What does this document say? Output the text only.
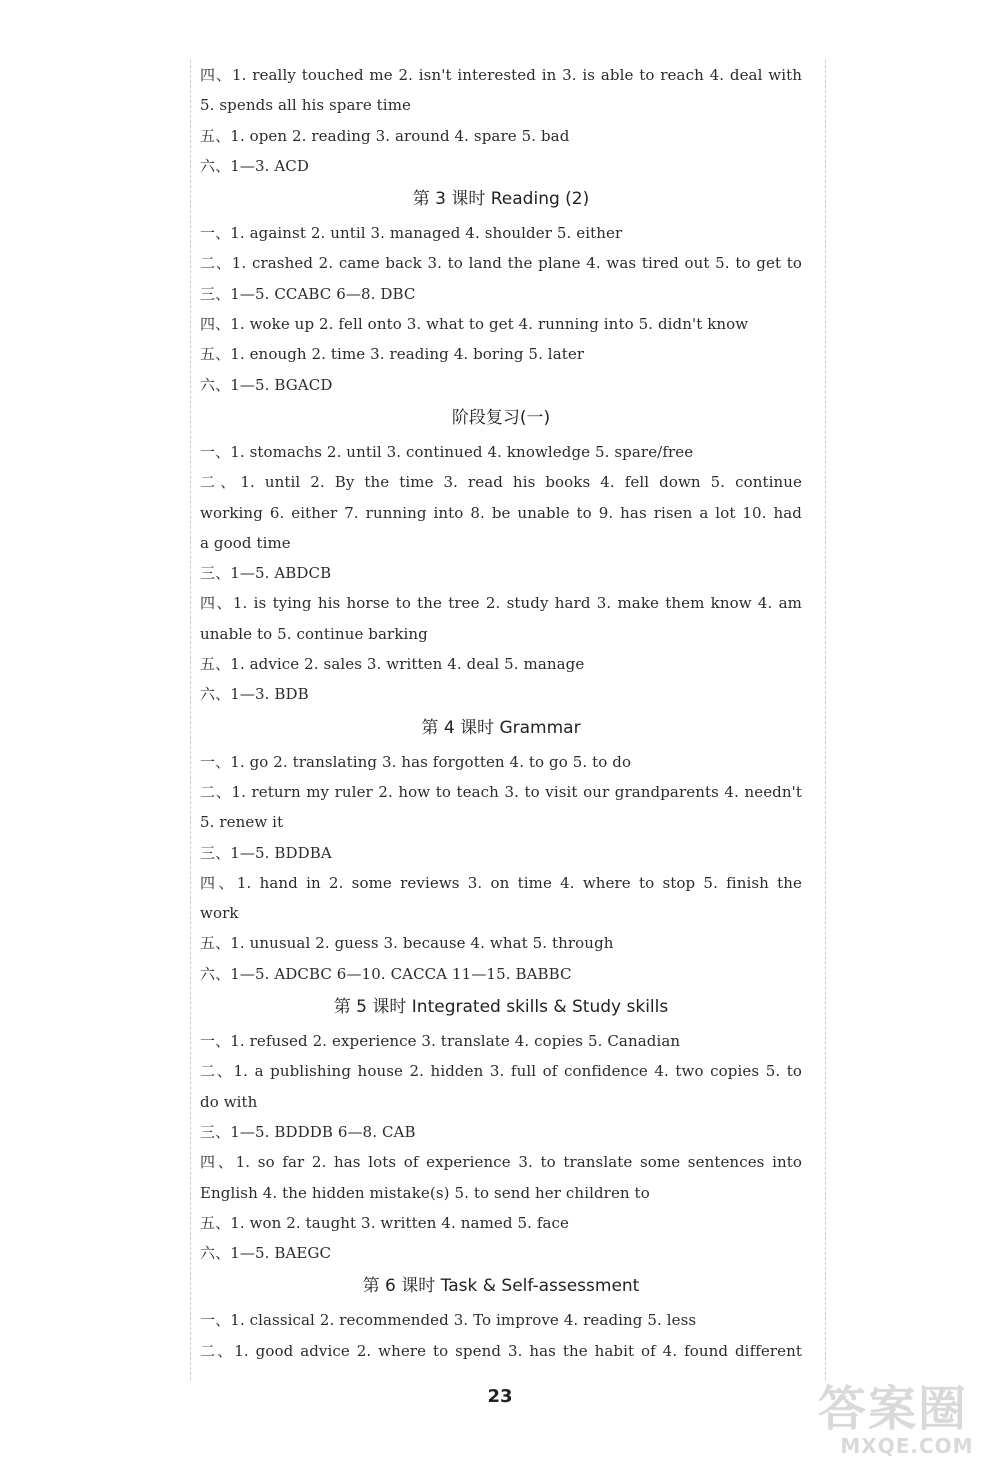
四、1. really touched me 2. isn't interested in 3. is able to reach 4. deal with
5. spends all his spare time
五、1. open 2. reading 3. around 4. spare 5. bad
六、1—3. ACD
第 3 课时 Reading (2)
一、1. against 2. until 3. managed 4. shoulder 5. either
二、1. crashed 2. came back 3. to land the plane 4. was tired out 5. to get to
三、1—5. CCABC 6—8. DBC
四、1. woke up 2. fell onto 3. what to get 4. running into 5. didn't know
五、1. enough 2. time 3. reading 4. boring 5. later
六、1—5. BGACD
阶段复习(一)
一、1. stomachs 2. until 3. continued 4. knowledge 5. spare/free
二、1. until 2. By the time 3. read his books 4. fell down 5. continue
working 6. either 7. running into 8. be unable to 9. has risen a lot 10. had
a good time
三、1—5. ABDCB
四、1. is tying his horse to the tree 2. study hard 3. make them know 4. am
unable to 5. continue barking
五、1. advice 2. sales 3. written 4. deal 5. manage
六、1—3. BDB
第 4 课时 Grammar
一、1. go 2. translating 3. has forgotten 4. to go 5. to do
二、1. return my ruler 2. how to teach 3. to visit our grandparents 4. needn't
5. renew it
三、1—5. BDDBA
四、1. hand in 2. some reviews 3. on time 4. where to stop 5. finish the
work
五、1. unusual 2. guess 3. because 4. what 5. through
六、1—5. ADCBC 6—10. CACCA 11—15. BABBC
第 5 课时 Integrated skills & Study skills
一、1. refused 2. experience 3. translate 4. copies 5. Canadian
二、1. a publishing house 2. hidden 3. full of confidence 4. two copies 5. to
do with
三、1—5. BDDDB 6—8. CAB
四、1. so far 2. has lots of experience 3. to translate some sentences into
English 4. the hidden mistake(s) 5. to send her children to
五、1. won 2. taught 3. written 4. named 5. face
六、1—5. BAEGC
第 6 课时 Task & Self-assessment
一、1. classical 2. recommended 3. To improve 4. reading 5. less
二、1. good advice 2. where to spend 3. has the habit of 4. found different
23	答案圈
MXQE.COM
